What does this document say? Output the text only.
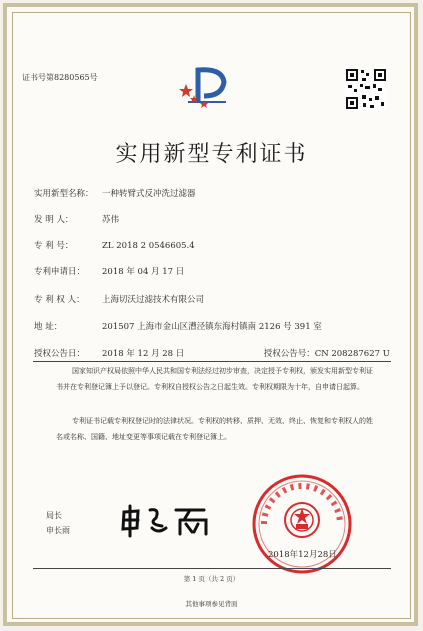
证书号第8280565号
实用新型专利证书
实用新型名称： 一种转臂式反冲洗过滤器
发 明 人：	苏伟
专 利 号：	ZL 2018 2 0546605.4
专利申请日： 2018 年 04 月 17 日
专 利 权 人： 上海切沃过滤技术有限公司
地 址：	201507 上海市金山区漕泾镇东海村镇南 2126 号 391 室
授权公告日： 2018 年 12 月 28 日	授权公告号：CN 208287627 U
国家知识产权局依照中华人民共和国专利法经过初步审查，决定授予专利权，颁发实用新型专利证书并在专利登记簿上予以登记。专利权自授权公告之日起生效。专利权期限为十年，自申请日起算。
专利证书记载专利权登记时的法律状况。专利权的转移、质押、无效、终止、恢复和专利权人的姓名或名称、国籍、地址变更等事项记载在专利登记簿上。
局长
申长雨
2018年12月28日
第 1 页（共 2 页）
其他事项参见背面
